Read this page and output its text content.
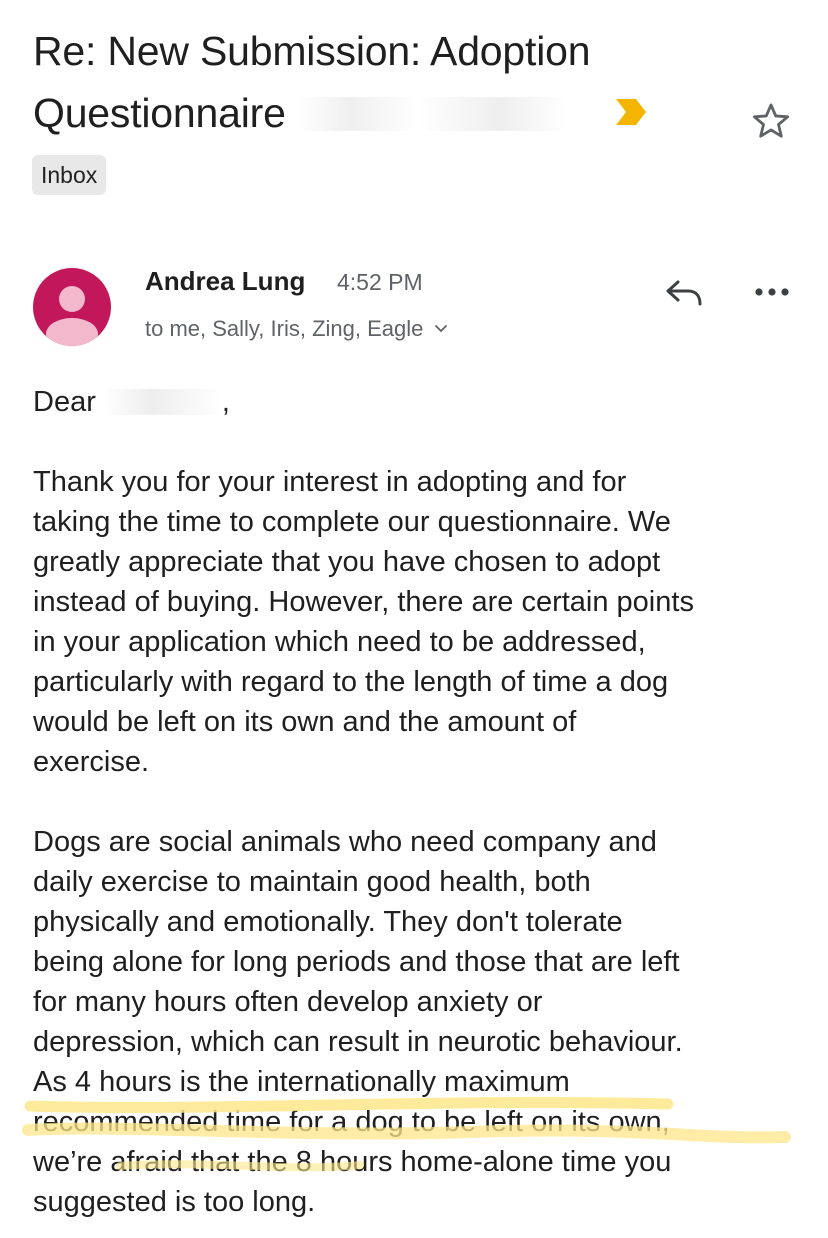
Re: New Submission: Adoption
Questionnaire
Inbox
Andrea Lung 4:52 PM
to me, Sally, Iris, Zing, Eagle
Dear	,
Thank you for your interest in adopting and for
taking the time to complete our questionnaire. We
greatly appreciate that you have chosen to adopt
instead of buying. However, there are certain points
in your application which need to be addressed,
particularly with regard to the length of time a dog
would be left on its own and the amount of
exercise.
Dogs are social animals who need company and
daily exercise to maintain good health, both
physically and emotionally. They don't tolerate
being alone for long periods and those that are left
for many hours often develop anxiety or
depression, which can result in neurotic behaviour.
As 4 hours is the internationally maximum
recommended time for a dog to be left on its own,
we’re afraid that the 8 hours home-alone time you
suggested is too long.
